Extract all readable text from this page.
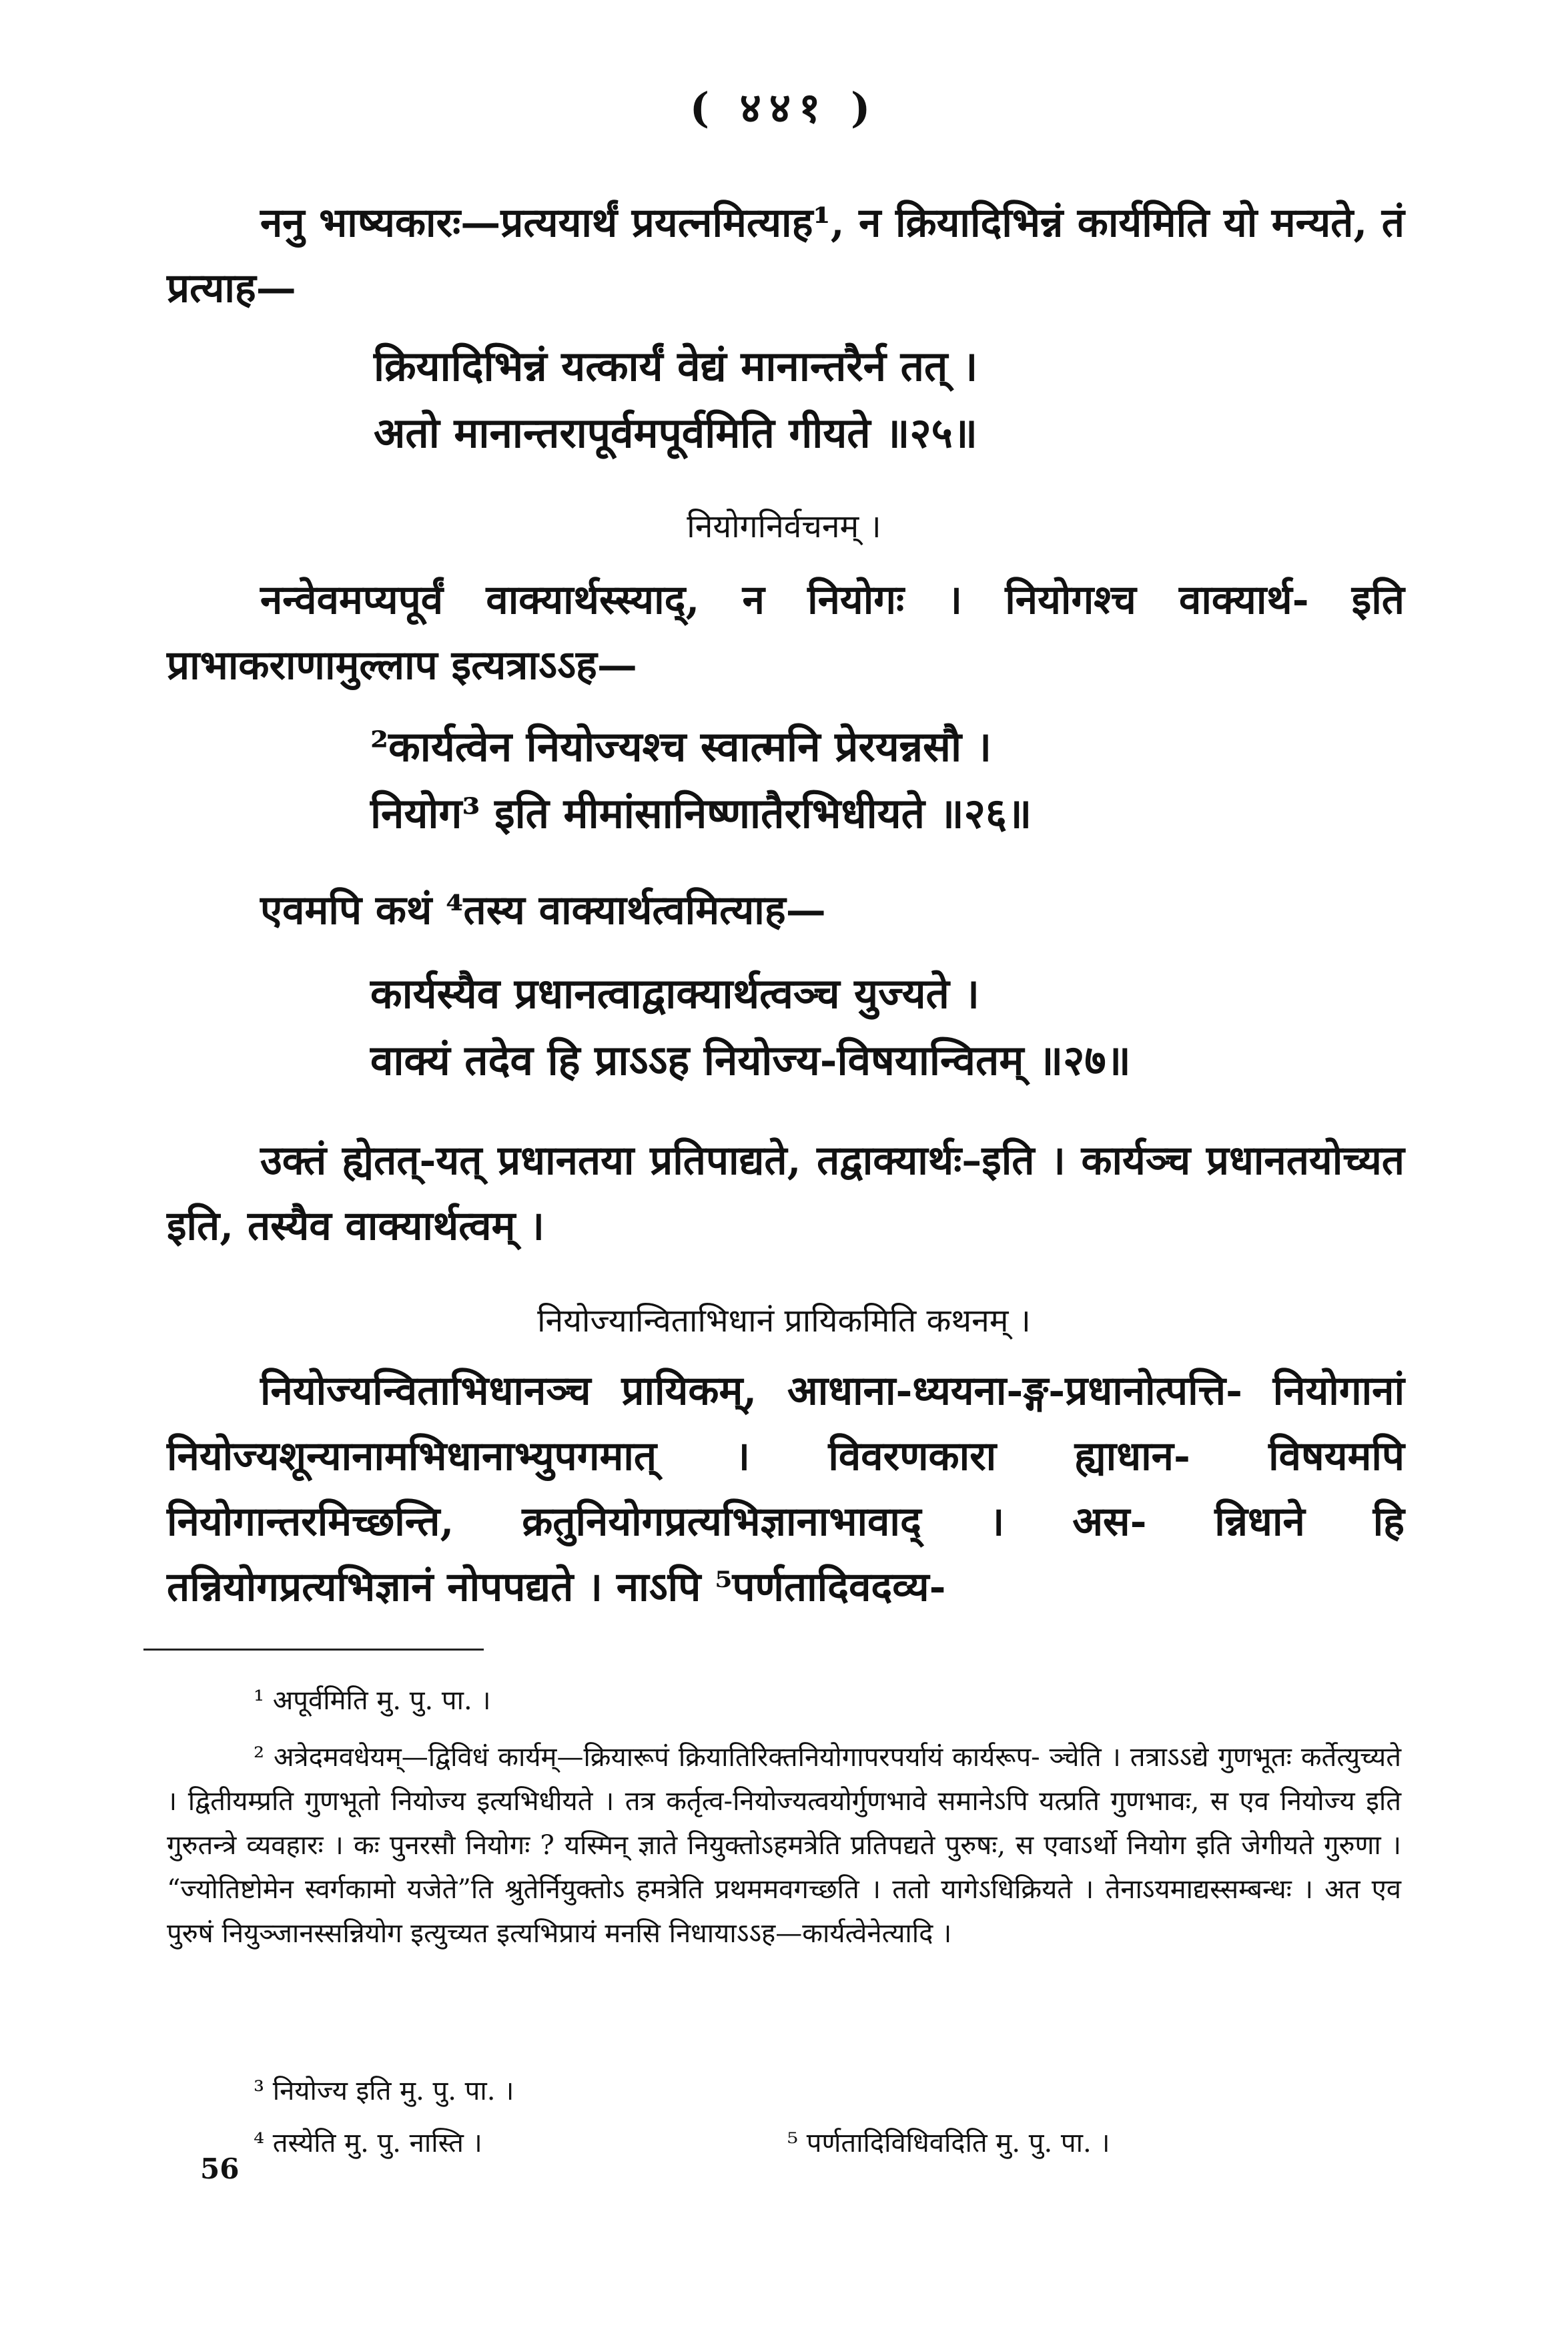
( ४४१ )

ननु भाष्यकारः—प्रत्ययार्थं प्रयत्नमित्याह¹, न क्रियादिभिन्नं कार्यमिति यो मन्यते, तं प्रत्याह—

क्रियादिभिन्नं यत्कार्यं वेद्यं मानान्तरैर्न तत् ।

अतो मानान्तरापूर्वमपूर्वमिति गीयते ॥२५॥

नियोगनिर्वचनम् ।

नन्वेवमप्यपूर्वं वाक्यार्थस्स्याद्, न नियोगः । नियोगश्च वाक्यार्थ- इति प्राभाकराणामुल्लाप इत्यत्राऽऽह—

²कार्यत्वेन नियोज्यश्च स्वात्मनि प्रेरयन्नसौ ।

नियोग³ इति मीमांसानिष्णातैरभिधीयते ॥२६॥

एवमपि कथं ⁴तस्य वाक्यार्थत्वमित्याह—

कार्यस्यैव प्रधानत्वाद्वाक्यार्थत्वञ्च युज्यते ।

वाक्यं तदेव हि प्राऽऽह नियोज्य-विषयान्वितम् ॥२७॥

उक्तं ह्येतत्-यत् प्रधानतया प्रतिपाद्यते, तद्वाक्यार्थः–इति । कार्यञ्च प्रधानतयोच्यत इति, तस्यैव वाक्यार्थत्वम् ।

नियोज्यान्विताभिधानं प्रायिकमिति कथनम् ।

नियोज्यन्विताभिधानञ्च प्रायिकम्, आधाना-ध्ययना-ङ्ग-प्रधानोत्पत्ति- नियोगानां नियोज्यशून्यानामभिधानाभ्युपगमात् । विवरणकारा ह्याधान- विषयमपि नियोगान्तरमिच्छन्ति, क्रतुनियोगप्रत्यभिज्ञानाभावाद् । अस- न्निधाने हि तन्नियोगप्रत्यभिज्ञानं नोपपद्यते । नाऽपि ⁵पर्णतादिवदव्य-

¹ अपूर्वमिति मु. पु. पा. ।

² अत्रेदमवधेयम्—द्विविधं कार्यम्—क्रियारूपं क्रियातिरिक्तनियोगापरपर्यायं कार्यरूप- ञ्चेति । तत्राऽऽद्ये गुणभूतः कर्तेत्युच्यते । द्वितीयम्प्रति गुणभूतो नियोज्य इत्यभिधीयते । तत्र कर्तृत्व-नियोज्यत्वयोर्गुणभावे समानेऽपि यत्प्रति गुणभावः, स एव नियोज्य इति गुरुतन्त्रे व्यवहारः । कः पुनरसौ नियोगः ? यस्मिन् ज्ञाते नियुक्तोऽहमत्रेति प्रतिपद्यते पुरुषः, स एवाऽर्थो नियोग इति जेगीयते गुरुणा । “ज्योतिष्टोमेन स्वर्गकामो यजेते”ति श्रुतेर्नियुक्तोऽ हमत्रेति प्रथममवगच्छति । ततो यागेऽधिक्रियते । तेनाऽयमाद्यस्सम्बन्धः । अत एव पुरुषं नियुञ्जानस्सन्नियोग इत्युच्यत इत्यभिप्रायं मनसि निधायाऽऽह—कार्यत्वेनेत्यादि ।

³ नियोज्य इति मु. पु. पा. ।

⁴ तस्येति मु. पु. नास्ति ।	⁵ पर्णतादिविधिवदिति मु. पु. पा. ।

56
